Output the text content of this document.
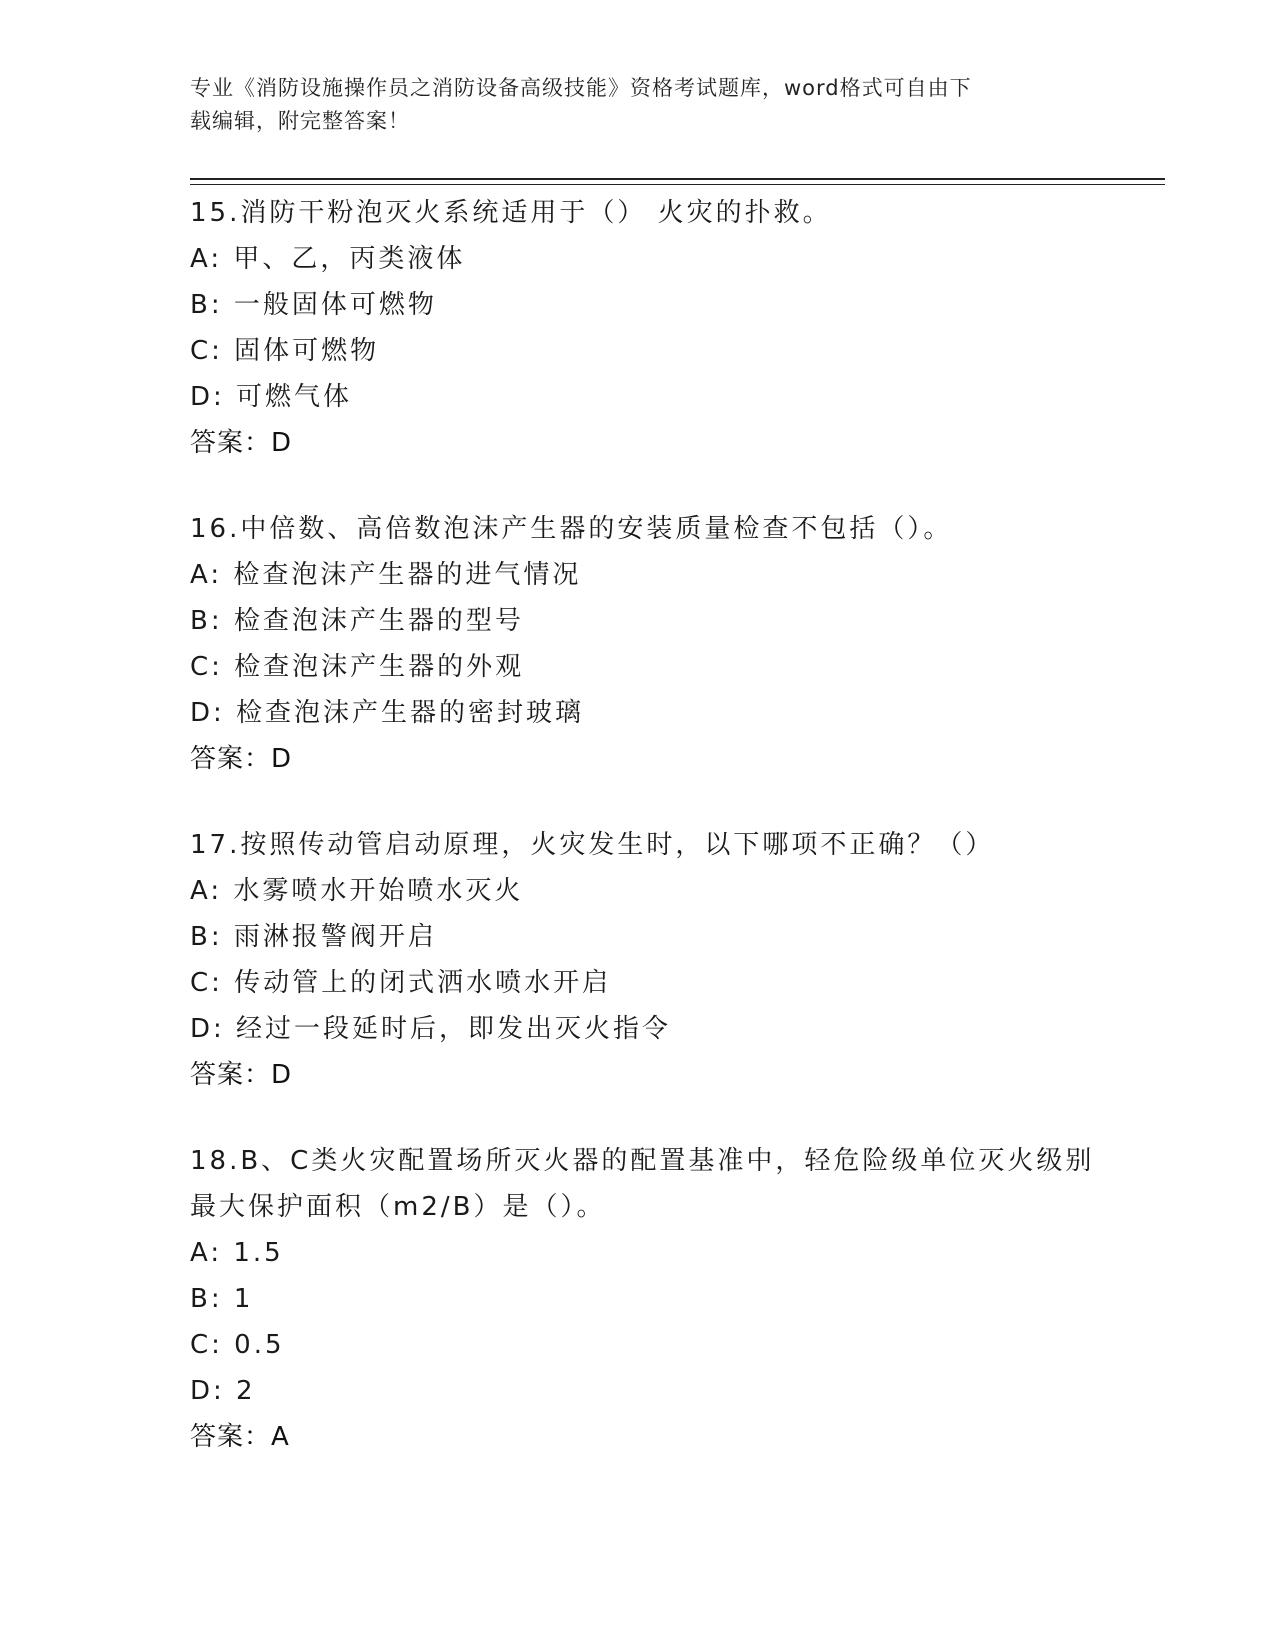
专业《消防设施操作员之消防设备高级技能》资格考试题库，word格式可自由下
载编辑，附完整答案！

15.消防干粉泡灭火系统适用于（） 火灾的扑救。

A: 甲、乙，丙类液体

B: 一般固体可燃物

C: 固体可燃物

D: 可燃气体

答案：D

16.中倍数、高倍数泡沫产生器的安装质量检查不包括（）。

A: 检查泡沫产生器的进气情况

B: 检查泡沫产生器的型号

C: 检查泡沫产生器的外观

D: 检查泡沫产生器的密封玻璃

答案：D

17.按照传动管启动原理，火灾发生时，以下哪项不正确？（）

A: 水雾喷水开始喷水灭火

B: 雨淋报警阀开启

C: 传动管上的闭式洒水喷水开启

D: 经过一段延时后，即发出灭火指令

答案：D

18.B、C类火灾配置场所灭火器的配置基准中，轻危险级单位灭火级别

最大保护面积（m2/B）是（）。

A: 1.5

B: 1

C: 0.5

D: 2

答案：A
